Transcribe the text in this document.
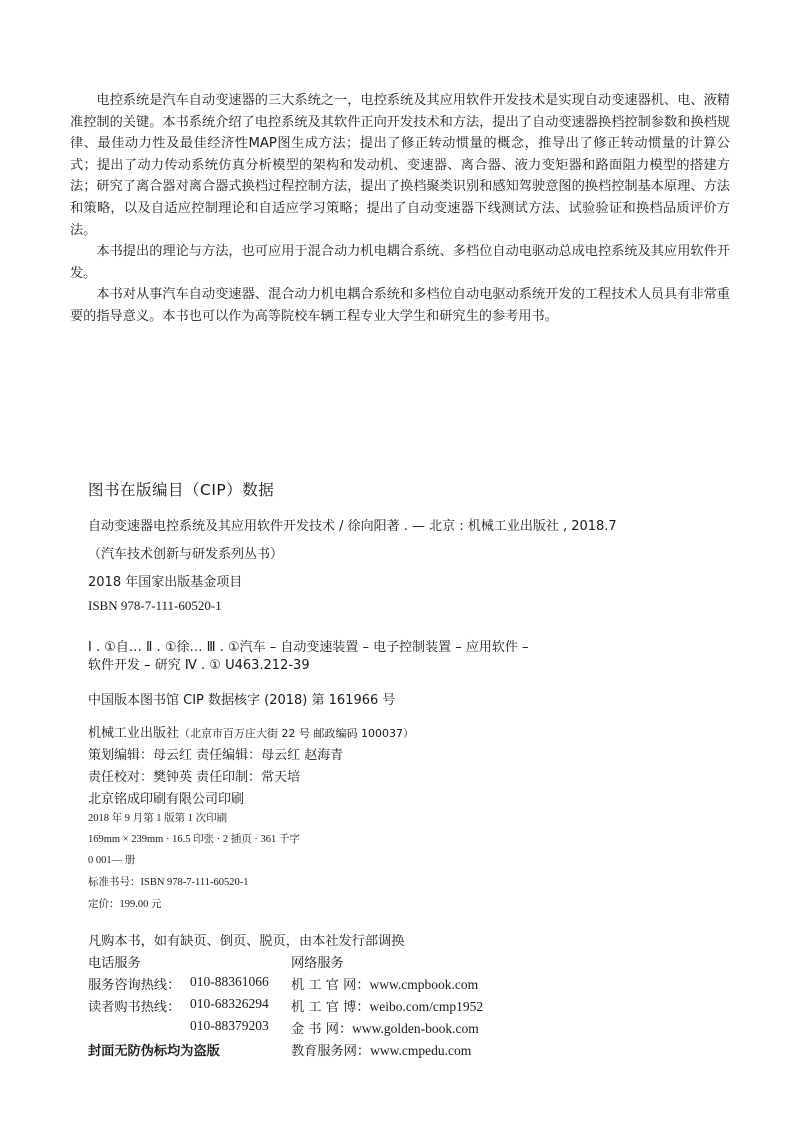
电控系统是汽车自动变速器的三大系统之一，电控系统及其应用软件开发技术是实现自动变速器机、电、液精准控制的关键。本书系统介绍了电控系统及其软件正向开发技术和方法，提出了自动变速器换档控制参数和换档规律、最佳动力性及最佳经济性MAP图生成方法；提出了修正转动惯量的概念，推导出了修正转动惯量的计算公式；提出了动力传动系统仿真分析模型的架构和发动机、变速器、离合器、液力变矩器和路面阻力模型的搭建方法；研究了离合器对离合器式换档过程控制方法，提出了换档聚类识别和感知驾驶意图的换档控制基本原理、方法和策略，以及自适应控制理论和自适应学习策略；提出了自动变速器下线测试方法、试验验证和换档品质评价方法。

本书提出的理论与方法，也可应用于混合动力机电耦合系统、多档位自动电驱动总成电控系统及其应用软件开发。

本书对从事汽车自动变速器、混合动力机电耦合系统和多档位自动电驱动系统开发的工程技术人员具有非常重要的指导意义。本书也可以作为高等院校车辆工程专业大学生和研究生的参考用书。

图书在版编目（CIP）数据
自动变速器电控系统及其应用软件开发技术 / 徐向阳著 . — 北京 : 机械工业出版社 , 2018.7
（汽车技术创新与研发系列丛书）
2018 年国家出版基金项目
ISBN 978-7-111-60520-1
Ⅰ . ①自… Ⅱ . ①徐… Ⅲ . ①汽车 – 自动变速装置 – 电子控制装置 – 应用软件 –
软件开发 – 研究 Ⅳ . ① U463.212-39
中国版本图书馆 CIP 数据核字 (2018) 第 161966 号
机械工业出版社（北京市百万庄大街 22 号 邮政编码 100037）
策划编辑：母云红 责任编辑：母云红 赵海青
责任校对：樊钟英 责任印制：常天培
北京铭成印刷有限公司印刷
2018 年 9 月第 1 版第 1 次印刷
169mm × 239mm · 16.5 印张 · 2 插页 · 361 千字
0 001— 册
标准书号：ISBN 978-7-111-60520-1
定价：199.00 元
凡购本书，如有缺页、倒页、脱页，由本社发行部调换
电话服务	网络服务
服务咨询热线： 010-88361066 机 工 官 网：www.cmpbook.com
读者购书热线： 010-68326294 机 工 官 博：weibo.com/cmp1952
010-88379203 金 书 网：www.golden-book.com
封面无防伪标均为盗版	教育服务网：www.cmpedu.com
